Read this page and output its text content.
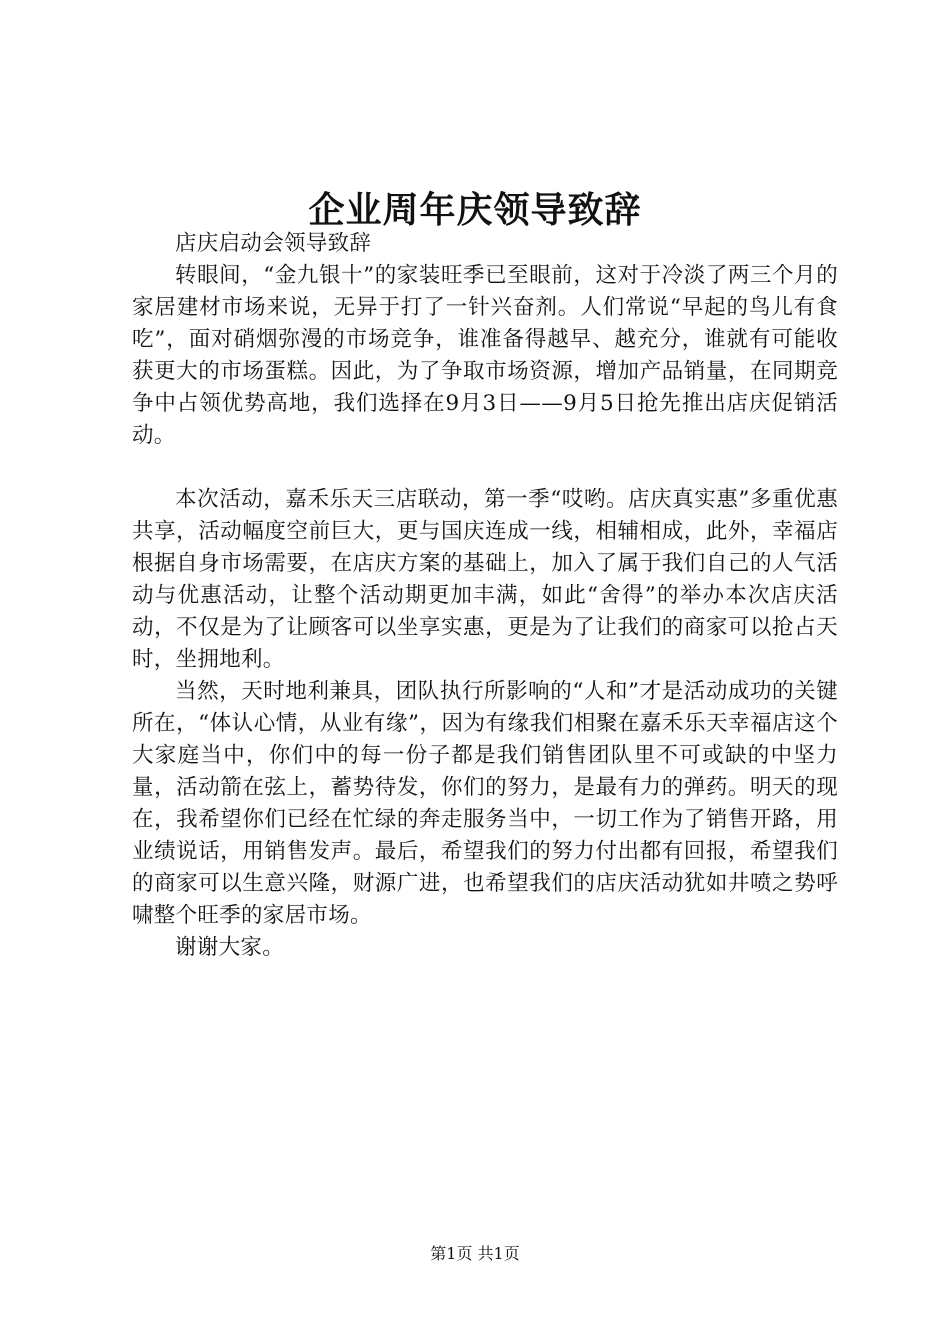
企业周年庆领导致辞

店庆启动会领导致辞

转眼间，“金九银十”的家装旺季已至眼前，这对于冷淡了两三个月的家居建材市场来说，无异于打了一针兴奋剂。人们常说“早起的鸟儿有食吃”，面对硝烟弥漫的市场竞争，谁准备得越早、越充分，谁就有可能收获更大的市场蛋糕。因此，为了争取市场资源，增加产品销量，在同期竞争中占领优势高地，我们选择在9月3日——9月5日抢先推出店庆促销活动。

本次活动，嘉禾乐天三店联动，第一季“哎哟。店庆真实惠”多重优惠共享，活动幅度空前巨大，更与国庆连成一线，相辅相成，此外，幸福店根据自身市场需要，在店庆方案的基础上，加入了属于我们自己的人气活动与优惠活动，让整个活动期更加丰满，如此“舍得”的举办本次店庆活动，不仅是为了让顾客可以坐享实惠，更是为了让我们的商家可以抢占天时，坐拥地利。

当然，天时地利兼具，团队执行所影响的“人和”才是活动成功的关键所在，“体认心情，从业有缘”，因为有缘我们相聚在嘉禾乐天幸福店这个大家庭当中，你们中的每一份子都是我们销售团队里不可或缺的中坚力量，活动箭在弦上，蓄势待发，你们的努力，是最有力的弹药。明天的现在，我希望你们已经在忙绿的奔走服务当中，一切工作为了销售开路，用业绩说话，用销售发声。最后，希望我们的努力付出都有回报，希望我们的商家可以生意兴隆，财源广进，也希望我们的店庆活动犹如井喷之势呼啸整个旺季的家居市场。

谢谢大家。

第1页 共1页
